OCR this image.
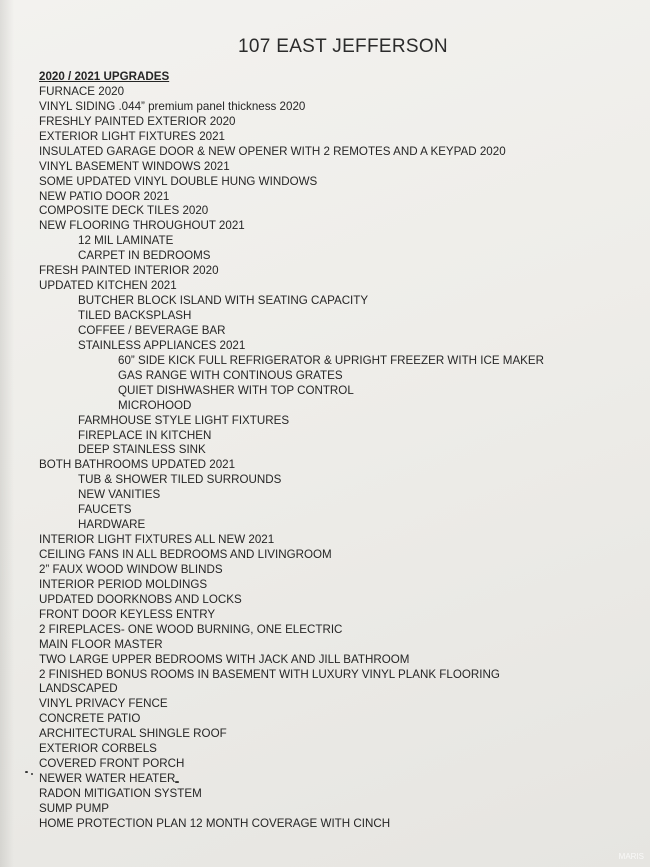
107 EAST JEFFERSON
2020 / 2021 UPGRADES
FURNACE 2020
VINYL SIDING .044” premium panel thickness 2020
FRESHLY PAINTED EXTERIOR 2020
EXTERIOR LIGHT FIXTURES 2021
INSULATED GARAGE DOOR & NEW OPENER WITH 2 REMOTES AND A KEYPAD 2020
VINYL BASEMENT WINDOWS 2021
SOME UPDATED VINYL DOUBLE HUNG WINDOWS
NEW PATIO DOOR 2021
COMPOSITE DECK TILES 2020
NEW FLOORING THROUGHOUT 2021
12 MIL LAMINATE
CARPET IN BEDROOMS
FRESH PAINTED INTERIOR 2020
UPDATED KITCHEN 2021
BUTCHER BLOCK ISLAND WITH SEATING CAPACITY
TILED BACKSPLASH
COFFEE / BEVERAGE BAR
STAINLESS APPLIANCES 2021
60” SIDE KICK FULL REFRIGERATOR & UPRIGHT FREEZER WITH ICE MAKER
GAS RANGE WITH CONTINOUS GRATES
QUIET DISHWASHER WITH TOP CONTROL
MICROHOOD
FARMHOUSE STYLE LIGHT FIXTURES
FIREPLACE IN KITCHEN
DEEP STAINLESS SINK
BOTH BATHROOMS UPDATED 2021
TUB & SHOWER TILED SURROUNDS
NEW VANITIES
FAUCETS
HARDWARE
INTERIOR LIGHT FIXTURES ALL NEW 2021
CEILING FANS IN ALL BEDROOMS AND LIVINGROOM
2” FAUX WOOD WINDOW BLINDS
INTERIOR PERIOD MOLDINGS
UPDATED DOORKNOBS AND LOCKS
FRONT DOOR KEYLESS ENTRY
2 FIREPLACES- ONE WOOD BURNING, ONE ELECTRIC
MAIN FLOOR MASTER
TWO LARGE UPPER BEDROOMS WITH JACK AND JILL BATHROOM
2 FINISHED BONUS ROOMS IN BASEMENT WITH LUXURY VINYL PLANK FLOORING
LANDSCAPED
VINYL PRIVACY FENCE
CONCRETE PATIO
ARCHITECTURAL SHINGLE ROOF
EXTERIOR CORBELS
COVERED FRONT PORCH
NEWER WATER HEATER
RADON MITIGATION SYSTEM
SUMP PUMP
HOME PROTECTION PLAN 12 MONTH COVERAGE WITH CINCH
MARIS
